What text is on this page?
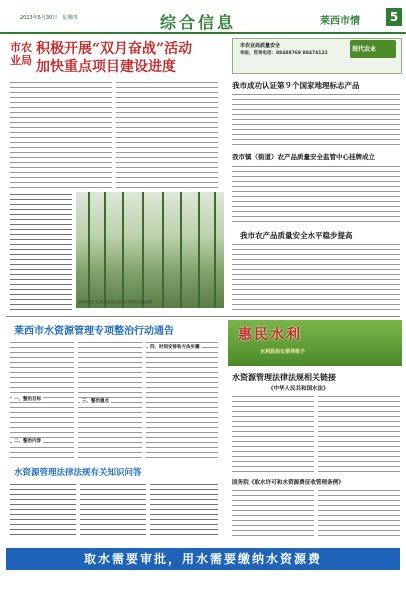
2013年5月30日　星期四	综合信息	莱西市情	5
市农
业局
积极开展“双月奋战”活动
加快重点项目建设进度
市农业局质量安全
举报、咨询电话：88488769 88474122
现代农业
莱西市现代农业示范园区里的生态观光采摘大棚
我市成功认证第９个国家地理标志产品
我市镇（街道）农产品质量安全监管中心挂牌成立
我市农产品质量安全水平稳步提高
莱西市水资源管理专项整治行动通告
一、整治目标
二、整治内容
三、整治重点
四、时间安排和方法步骤
水资源管理法律法规有关知识问答
惠民水利
水利局局长领导班子
水资源管理法律法规相关链接
《中华人民共和国水法》
国务院《取水许可和水资源费征收管理条例》
取水需要审批，用水需要缴纳水资源费
